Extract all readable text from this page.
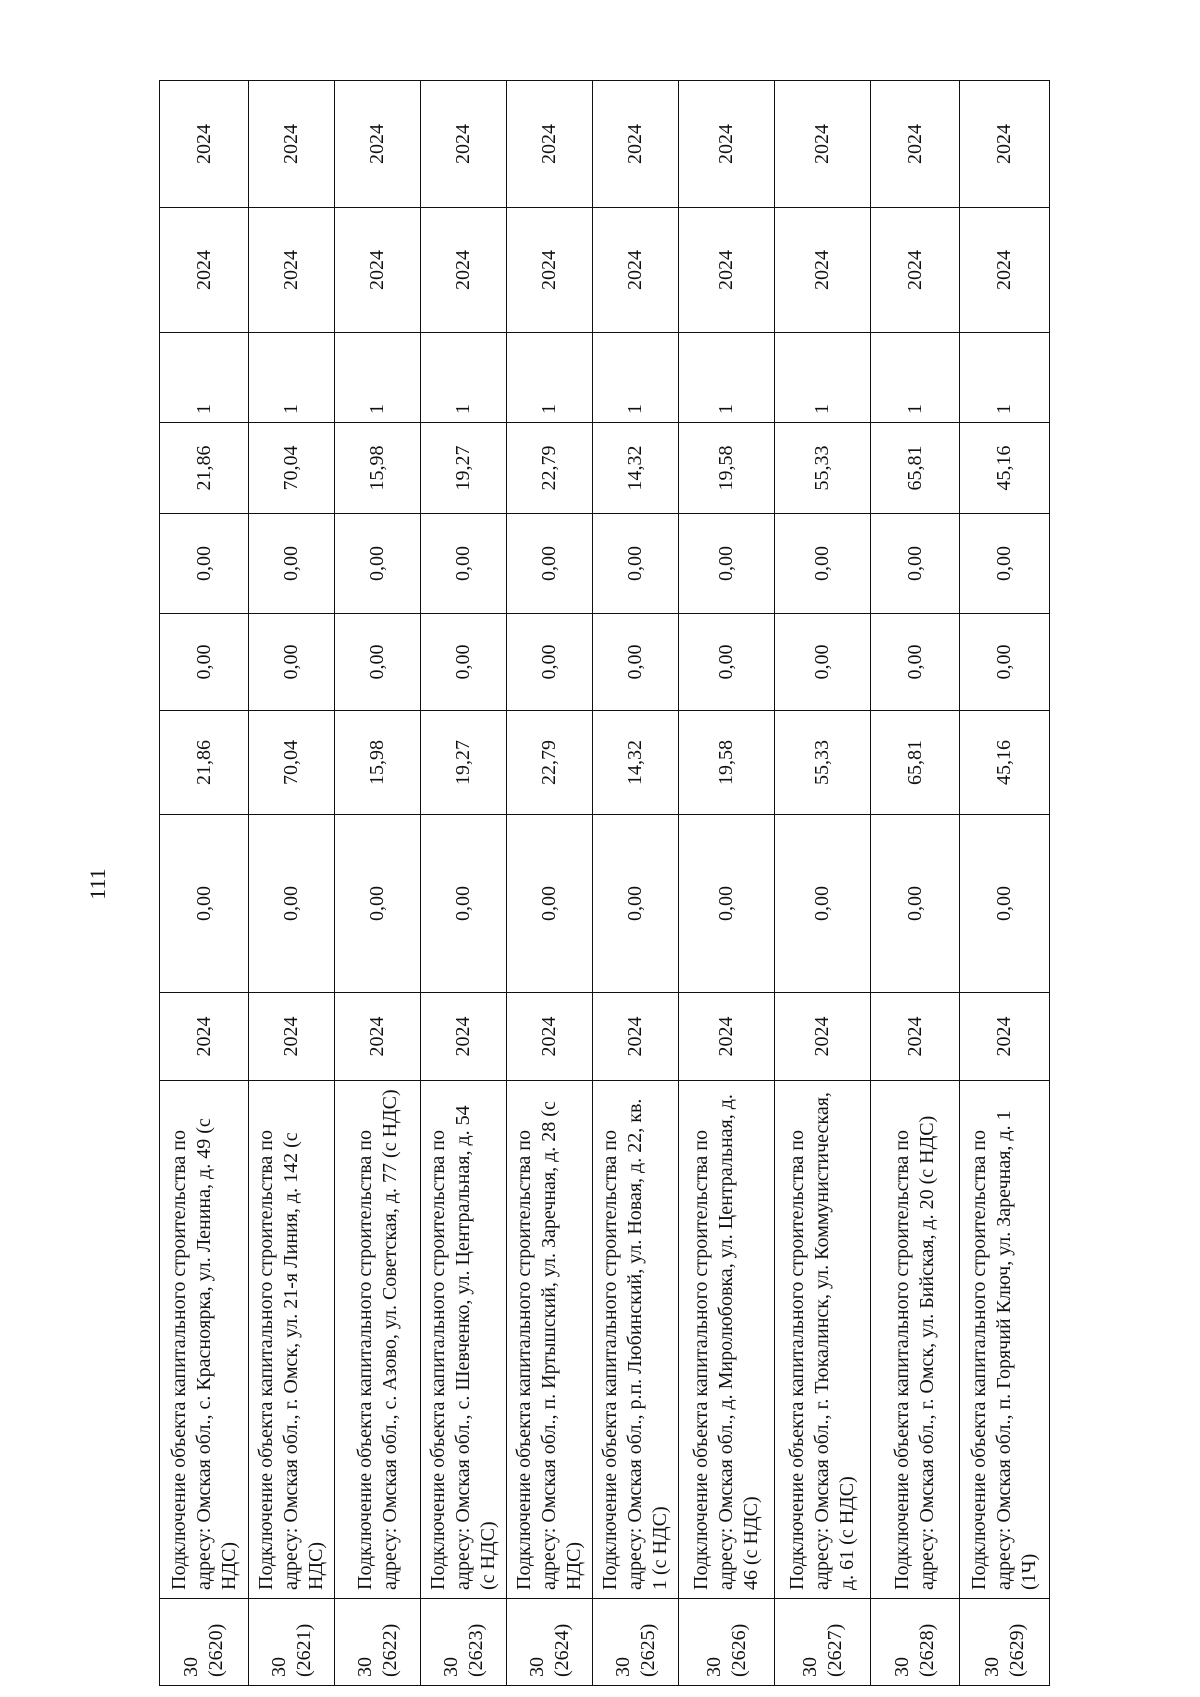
111
30 (2620)	Подключение объекта капитального строительства по адресу: Омская обл., с. Краснoярка, ул. Ленина, д. 49 (с НДС)	2024	0,00	21,86	0,00	0,00	21,86	1	2024	2024

30 (2621)	Подключение объекта капитального строительства по адресу: Омская обл., г. Омск, ул. 21-я Линия, д. 142 (с НДС)	2024	0,00	70,04	0,00	0,00	70,04	1	2024	2024

30 (2622)	Подключение объекта капитального строительства по адресу: Омская обл., с. Азово, ул. Советская, д. 77 (с НДС)	2024	0,00	15,98	0,00	0,00	15,98	1	2024	2024

30 (2623)	Подключение объекта капитального строительства по адресу: Омская обл., с. Шевченко, ул. Центральная, д. 54 (с НДС)	2024	0,00	19,27	0,00	0,00	19,27	1	2024	2024

30 (2624)	Подключение объекта капитального строительства по адресу: Омская обл., п. Иртышский, ул. Заречная, д. 28 (с НДС)	2024	0,00	22,79	0,00	0,00	22,79	1	2024	2024

30 (2625)	Подключение объекта капитального строительства по адресу: Омская обл., р.п. Любинский, ул. Новая, д. 22, кв. 1 (с НДС)	2024	0,00	14,32	0,00	0,00	14,32	1	2024	2024

30 (2626)	Подключение объекта капитального строительства по адресу: Омская обл., д. Миролюбовка, ул. Центральная, д. 46 (с НДС)	2024	0,00	19,58	0,00	0,00	19,58	1	2024	2024

30 (2627)	Подключение объекта капитального строительства по адресу: Омская обл., г. Тюкалинск, ул. Коммунистическая, д. 61 (с НДС)	2024	0,00	55,33	0,00	0,00	55,33	1	2024	2024

30 (2628)	Подключение объекта капитального строительства по адресу: Омская обл., г. Омск, ул. Бийская, д. 20 (с НДС)	2024	0,00	65,81	0,00	0,00	65,81	1	2024	2024

30 (2629)	Подключение объекта капитального строительства по адресу: Омская обл., п. Горячий Ключ, ул. Заречная, д. 1 (1Ч)	2024	0,00	45,16	0,00	0,00	45,16	1	2024	2024
